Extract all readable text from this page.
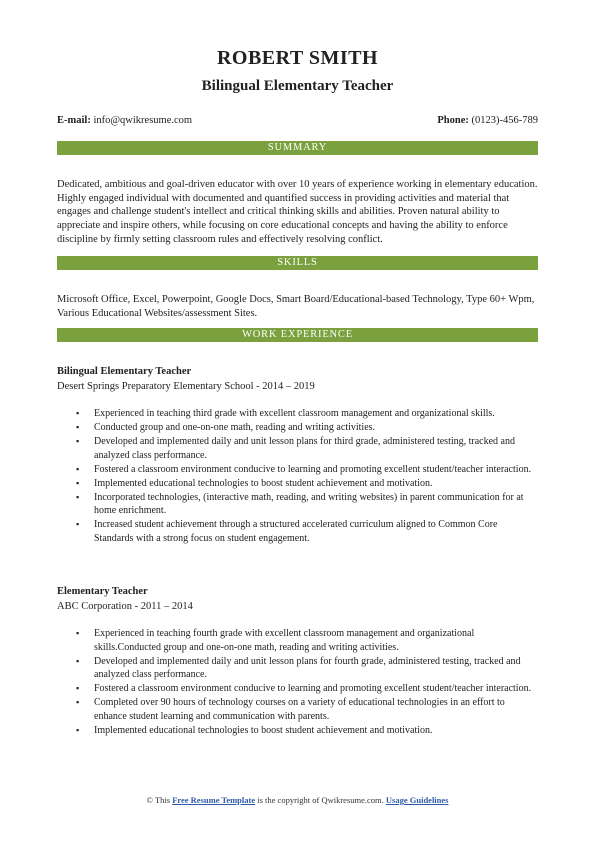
ROBERT SMITH
Bilingual Elementary Teacher
E-mail: info@qwikresume.com	Phone: (0123)-456-789
SUMMARY
Dedicated, ambitious and goal-driven educator with over 10 years of experience working in elementary education. Highly engaged individual with documented and quantified success in providing activities and material that engages and challenge student's intellect and critical thinking skills and abilities. Proven natural ability to appreciate and inspire others, while focusing on core educational concepts and having the ability to enforce discipline by firmly setting classroom rules and effectively resolving conflict.
SKILLS
Microsoft Office, Excel, Powerpoint, Google Docs, Smart Board/Educational-based Technology, Type 60+ Wpm, Various Educational Websites/assessment Sites.
WORK EXPERIENCE
Bilingual Elementary Teacher
Desert Springs Preparatory Elementary School - 2014 – 2019
▪ Experienced in teaching third grade with excellent classroom management and organizational skills.
▪ Conducted group and one-on-one math, reading and writing activities.
▪ Developed and implemented daily and unit lesson plans for third grade, administered testing, tracked and analyzed class performance.
▪ Fostered a classroom environment conducive to learning and promoting excellent student/teacher interaction.
▪ Implemented educational technologies to boost student achievement and motivation.
▪ Incorporated technologies, (interactive math, reading, and writing websites) in parent communication for at home enrichment.
▪ Increased student achievement through a structured accelerated curriculum aligned to Common Core Standards with a strong focus on student engagement.
Elementary Teacher
ABC Corporation - 2011 – 2014
▪ Experienced in teaching fourth grade with excellent classroom management and organizational skills.Conducted group and one-on-one math, reading and writing activities.
▪ Developed and implemented daily and unit lesson plans for fourth grade, administered testing, tracked and analyzed class performance.
▪ Fostered a classroom environment conducive to learning and promoting excellent student/teacher interaction.
▪ Completed over 90 hours of technology courses on a variety of educational technologies in an effort to enhance student learning and communication with parents.
▪ Implemented educational technologies to boost student achievement and motivation.
© This Free Resume Template is the copyright of Qwikresume.com. Usage Guidelines
